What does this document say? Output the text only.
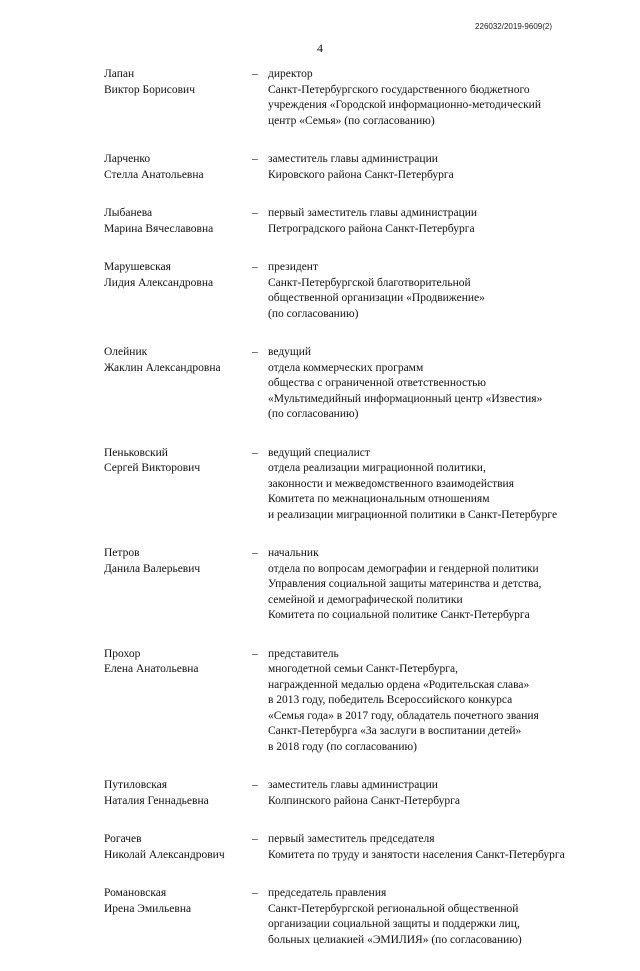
226032/2019-9609(2)
4
Лапан
Виктор Борисович
– директор
Санкт-Петербургского государственного бюджетного
учреждения «Городской информационно-методический
центр «Семья» (по согласованию)
Ларченко
Стелла Анатольевна
– заместитель главы администрации
Кировского района Санкт-Петербурга
Лыбанева
Марина Вячеславовна
– первый заместитель главы администрации
Петроградского района Санкт-Петербурга
Марушевская
Лидия Александровна
– президент
Санкт-Петербургской благотворительной
общественной организации «Продвижение»
(по согласованию)
Олейник
Жаклин Александровна
– ведущий
отдела коммерческих программ
общества с ограниченной ответственностью
«Мультимедийный информационный центр «Известия»
(по согласованию)
Пеньковский
Сергей Викторович
– ведущий специалист
отдела реализации миграционной политики,
законности и межведомственного взаимодействия
Комитета по межнациональным отношениям
и реализации миграционной политики в Санкт-Петербурге
Петров
Данила Валерьевич
– начальник
отдела по вопросам демографии и гендерной политики
Управления социальной защиты материнства и детства,
семейной и демографической политики
Комитета по социальной политике Санкт-Петербурга
Прохор
Елена Анатольевна
– представитель
многодетной семьи Санкт-Петербурга,
награжденной медалью ордена «Родительская слава»
в 2013 году, победитель Всероссийского конкурса
«Семья года» в 2017 году, обладатель почетного звания
Санкт-Петербурга «За заслуги в воспитании детей»
в 2018 году (по согласованию)
Путиловская
Наталия Геннадьевна
– заместитель главы администрации
Колпинского района Санкт-Петербурга
Рогачев
Николай Александрович
– первый заместитель председателя
Комитета по труду и занятости населения Санкт-Петербурга
Романовская
Ирена Эмильевна
– председатель правления
Санкт-Петербургской региональной общественной
организации социальной защиты и поддержки лиц,
больных целиакией «ЭМИЛИЯ» (по согласованию)
